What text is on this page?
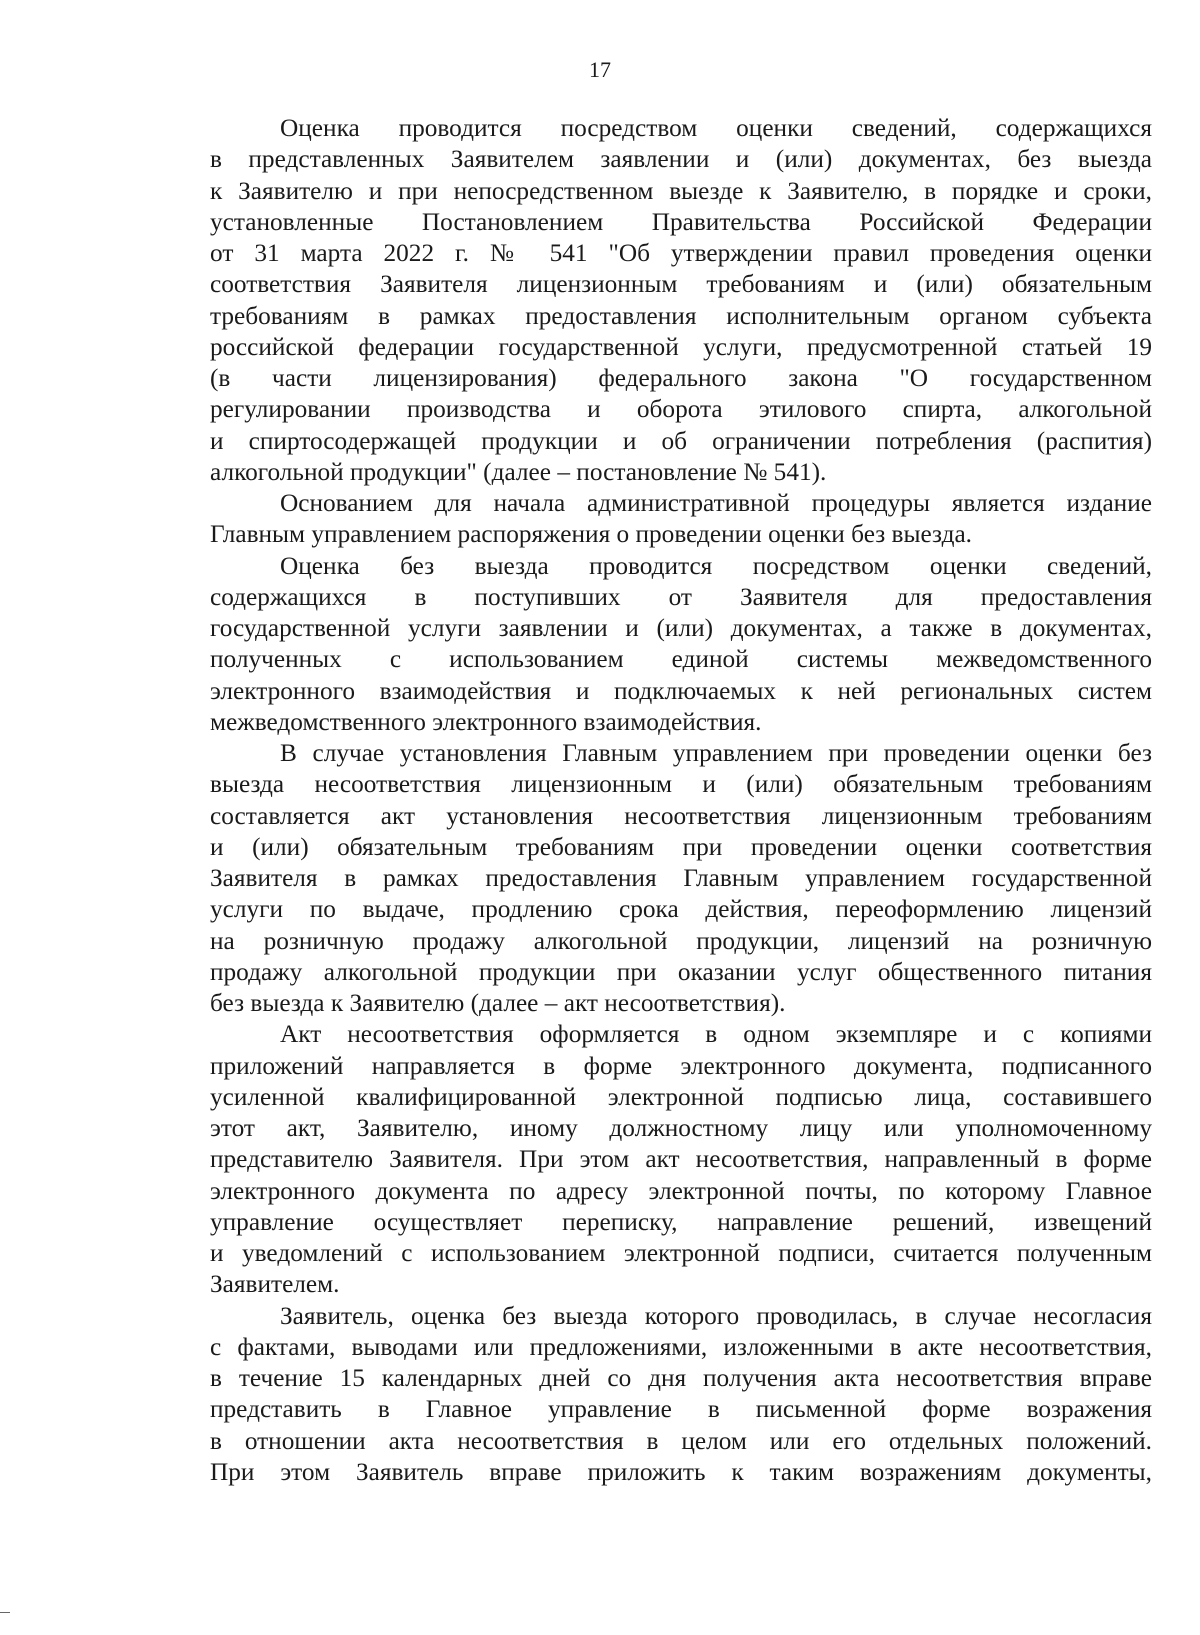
17
Оценка проводится посредством оценки сведений, содержащихся
в представленных Заявителем заявлении и (или) документах, без выезда
к Заявителю и при непосредственном выезде к Заявителю, в порядке и сроки,
установленные Постановлением Правительства Российской Федерации
от 31 марта 2022 г. № 541 "Об утверждении правил проведения оценки
соответствия Заявителя лицензионным требованиям и (или) обязательным
требованиям в рамках предоставления исполнительным органом субъекта
российской федерации государственной услуги, предусмотренной статьей 19
(в части лицензирования) федерального закона "О государственном
регулировании производства и оборота этилового спирта, алкогольной
и спиртосодержащей продукции и об ограничении потребления (распития)
алкогольной продукции" (далее – постановление № 541).
Основанием для начала административной процедуры является издание
Главным управлением распоряжения о проведении оценки без выезда.
Оценка без выезда проводится посредством оценки сведений,
содержащихся в поступивших от Заявителя для предоставления
государственной услуги заявлении и (или) документах, а также в документах,
полученных с использованием единой системы межведомственного
электронного взаимодействия и подключаемых к ней региональных систем
межведомственного электронного взаимодействия.
В случае установления Главным управлением при проведении оценки без
выезда несоответствия лицензионным и (или) обязательным требованиям
составляется акт установления несоответствия лицензионным требованиям
и (или) обязательным требованиям при проведении оценки соответствия
Заявителя в рамках предоставления Главным управлением государственной
услуги по выдаче, продлению срока действия, переоформлению лицензий
на розничную продажу алкогольной продукции, лицензий на розничную
продажу алкогольной продукции при оказании услуг общественного питания
без выезда к Заявителю (далее – акт несоответствия).
Акт несоответствия оформляется в одном экземпляре и с копиями
приложений направляется в форме электронного документа, подписанного
усиленной квалифицированной электронной подписью лица, составившего
этот акт, Заявителю, иному должностному лицу или уполномоченному
представителю Заявителя. При этом акт несоответствия, направленный в форме
электронного документа по адресу электронной почты, по которому Главное
управление осуществляет переписку, направление решений, извещений
и уведомлений с использованием электронной подписи, считается полученным
Заявителем.
Заявитель, оценка без выезда которого проводилась, в случае несогласия
с фактами, выводами или предложениями, изложенными в акте несоответствия,
в течение 15 календарных дней со дня получения акта несоответствия вправе
представить в Главное управление в письменной форме возражения
в отношении акта несоответствия в целом или его отдельных положений.
При этом Заявитель вправе приложить к таким возражениям документы,
